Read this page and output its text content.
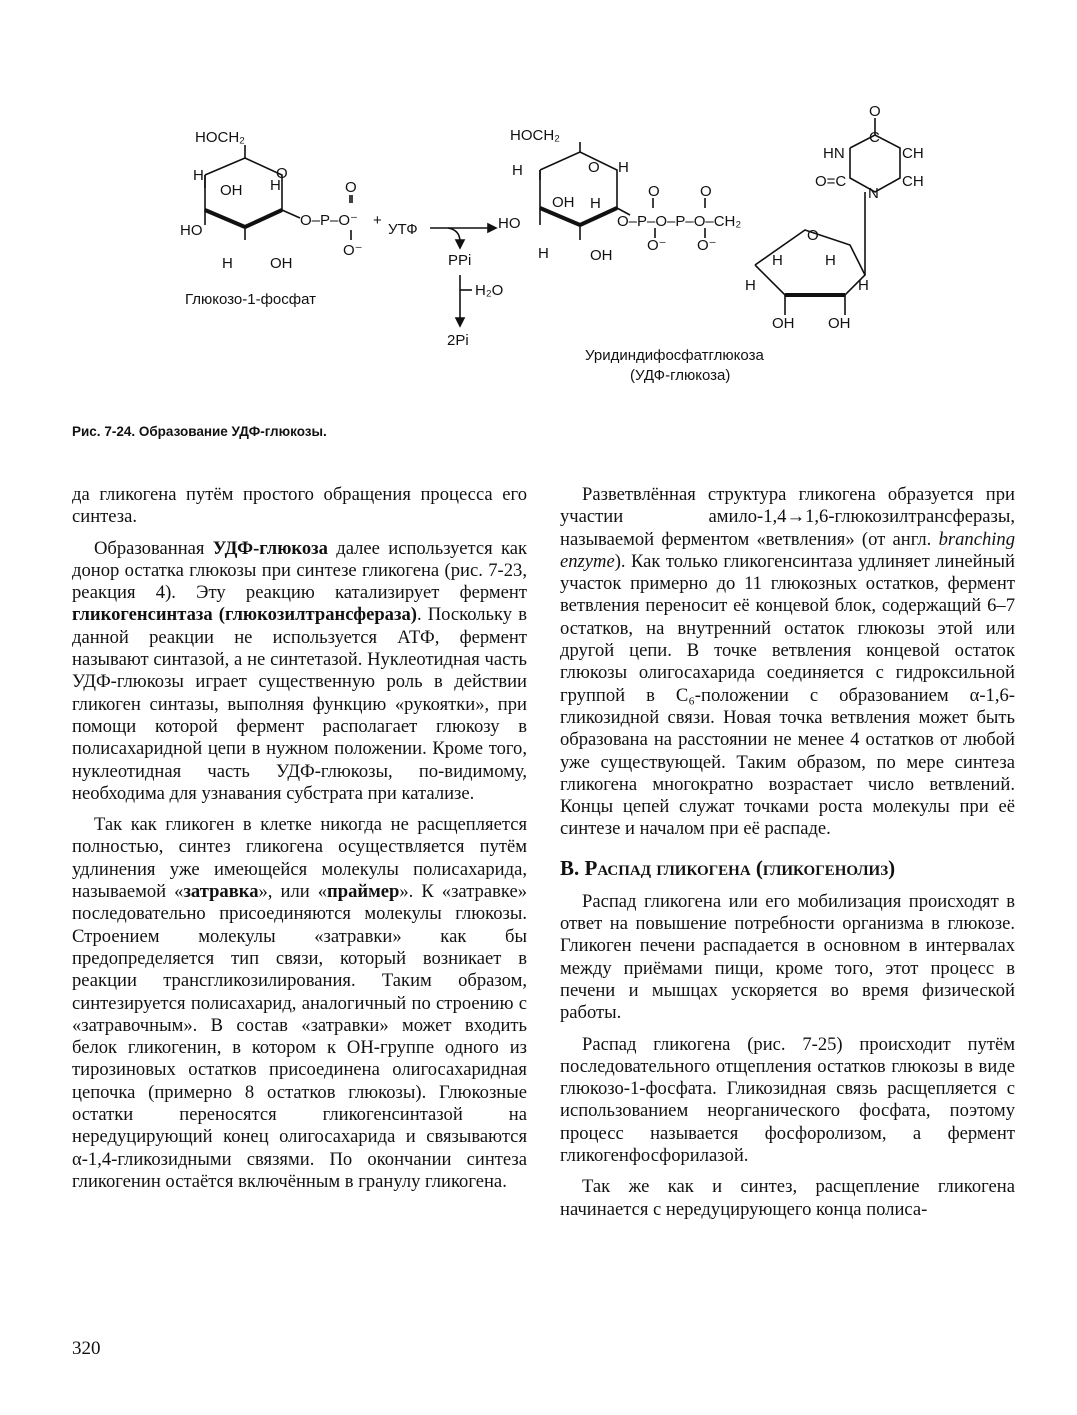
HOCH₂
H
OH H
O
HO
H OH
O
O–P–O⁻ +
O⁻
УТФ
PPi
H₂O
2Pi
HOCH₂
H
OH H
O H
HO
H	OH
O	O
O–P–O–P–O–CH₂
O⁻ O⁻
O
H	H
H	H
OH OH
O
HN
C
CH
O=C	CH
N
Глюкозо-1-фосфат
Уридиндифосфатглюкоза
(УДФ-глюкоза)
Рис. 7-24. Образование УДФ-глюкозы.

да гликогена путём простого обращения процесса его синтеза.

Образованная УДФ-глюкоза далее используется как донор остатка глюкозы при синтезе гликогена (рис. 7-23, реакция 4). Эту реакцию катализирует фермент гликогенсинтаза (глюкозилтрансфераза). Поскольку в данной реакции не используется АТФ, фермент называют синтазой, а не синтетазой. Нуклеотидная часть УДФ-глюкозы играет существенную роль в действии гликоген синтазы, выполняя функцию «рукоятки», при помощи которой фермент располагает глюкозу в полисахаридной цепи в нужном положении. Кроме того, нуклеотидная часть УДФ-глюкозы, по-видимому, необходима для узнавания субстрата при катализе.

Так как гликоген в клетке никогда не расщепляется полностью, синтез гликогена осуществляется путём удлинения уже имеющейся молекулы полисахарида, называемой «затравка», или «праймер». К «затравке» последовательно присоединяются молекулы глюкозы. Строением молекулы «затравки» как бы предопределяется тип связи, который возникает в реакции трансгликозилирования. Таким образом, синтезируется полисахарид, аналогичный по строению с «затравочным». В состав «затравки» может входить белок гликогенин, в котором к ОН-группе одного из тирозиновых остатков присоединена олигосахаридная цепочка (примерно 8 остатков глюкозы). Глюкозные остатки переносятся гликогенсинтазой на нередуцирующий конец олигосахарида и связываются α-1,4-гликозидными связями. По окончании синтеза гликогенин остаётся включённым в гранулу гликогена.

Разветвлённая структура гликогена образуется при участии амило-1,4→1,6-глюкозилтрансферазы, называемой ферментом «ветвления» (от англ. branching enzyme). Как только гликогенсинтаза удлиняет линейный участок примерно до 11 глюкозных остатков, фермент ветвления переносит её концевой блок, содержащий 6–7 остатков, на внутренний остаток глюкозы этой или другой цепи. В точке ветвления концевой остаток глюкозы олигосахарида соединяется с гидроксильной группой в C₆-положении с образованием α-1,6-гликозидной связи. Новая точка ветвления может быть образована на расстоянии не менее 4 остатков от любой уже существующей. Таким образом, по мере синтеза гликогена многократно возрастает число ветвлений. Концы цепей служат точками роста молекулы при её синтезе и началом при её распаде.

В. Распад гликогена (гликогенолиз)

Распад гликогена или его мобилизация происходят в ответ на повышение потребности организма в глюкозе. Гликоген печени распадается в основном в интервалах между приёмами пищи, кроме того, этот процесс в печени и мышцах ускоряется во время физической работы.

Распад гликогена (рис. 7-25) происходит путём последовательного отщепления остатков глюкозы в виде глюкозо-1-фосфата. Гликозидная связь расщепляется с использованием неорганического фосфата, поэтому процесс называется фосфоролизом, а фермент гликогенфосфорилазой.

Так же как и синтез, расщепление гликогена начинается с нередуцирующего конца полиса-

320
